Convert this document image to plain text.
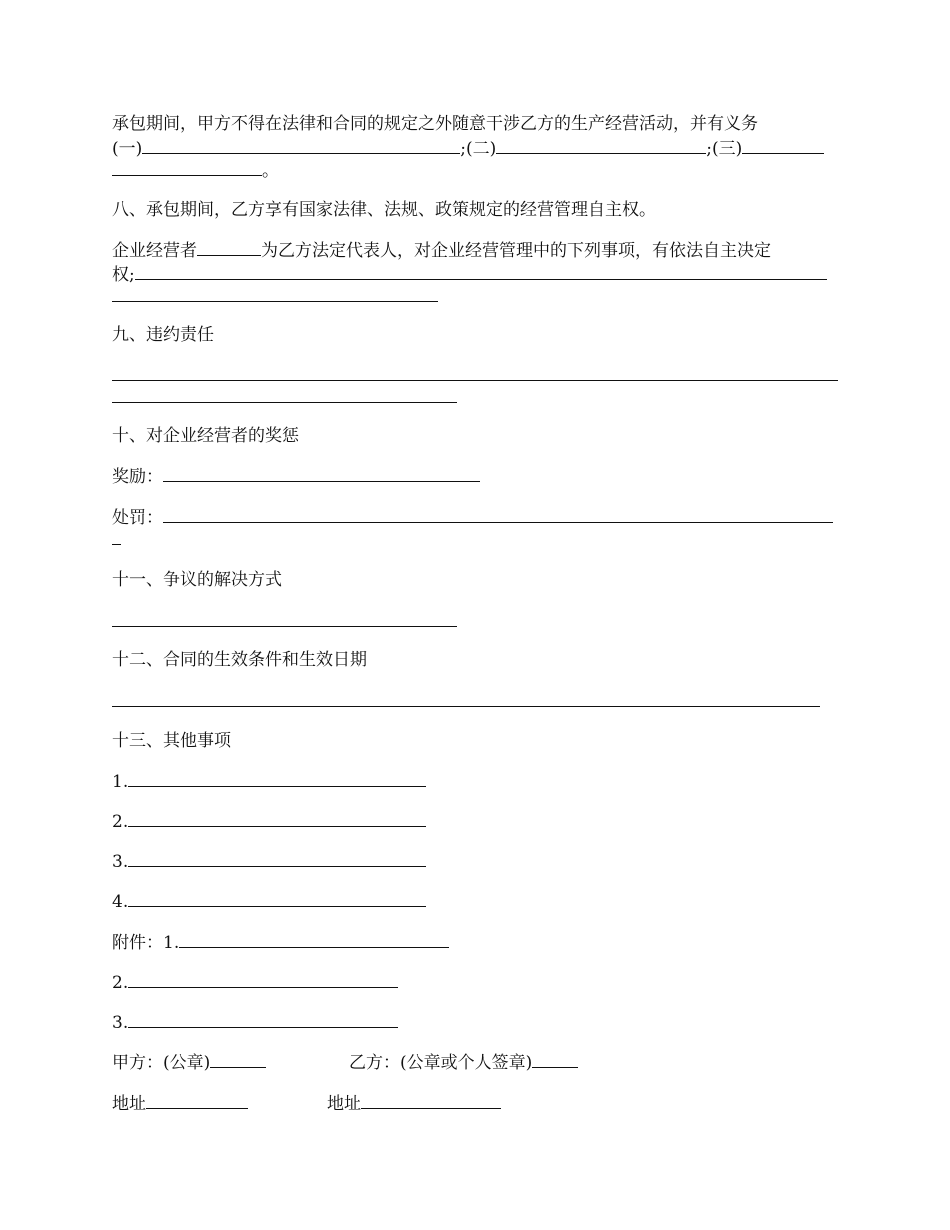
承包期间，甲方不得在法律和合同的规定之外随意干涉乙方的生产经营活动，并有义务
(一)	;(二)	;(三)
。
八、承包期间，乙方享有国家法律、法规、政策规定的经营管理自主权。
企业经营者	为乙方法定代表人，对企业经营管理中的下列事项，有依法自主决定
权;
九、违约责任
十、对企业经营者的奖惩
奖励：
处罚：
十一、争议的解决方式
十二、合同的生效条件和生效日期
十三、其他事项
1.
2.
3.
4.
附件：1.
2.
3.
甲方：(公章)	乙方：(公章或个人签章)
地址	地址
